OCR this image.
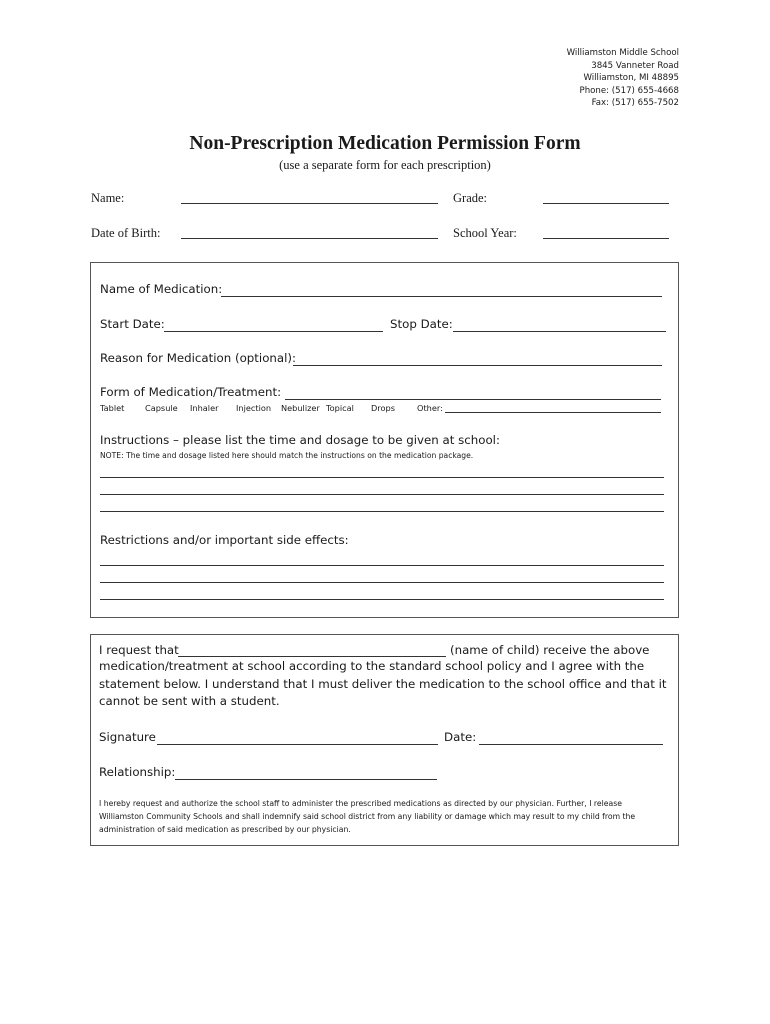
Williamston Middle School
3845 Vanneter Road
Williamston, MI 48895
Phone: (517) 655-4668
Fax: (517) 655-7502
Non-Prescription Medication Permission Form
(use a separate form for each prescription)
Name:	Grade:
Date of Birth:	School Year:
Name of Medication:
Start Date:	Stop Date:
Reason for Medication (optional):
Form of Medication/Treatment:
Tablet	Capsule Inhaler Injection Nebulizer Topical Drops	Other:
Instructions – please list the time and dosage to be given at school:
NOTE: The time and dosage listed here should match the instructions on the medication package.
Restrictions and/or important side effects:
I request that	(name of child) receive the above
medication/treatment at school according to the standard school policy and I agree with the
statement below. I understand that I must deliver the medication to the school office and that it
cannot be sent with a student.
Signature	Date:
Relationship:
I hereby request and authorize the school staff to administer the prescribed medications as directed by our physician. Further, I release
Williamston Community Schools and shall indemnify said school district from any liability or damage which may result to my child from the
administration of said medication as prescribed by our physician.
